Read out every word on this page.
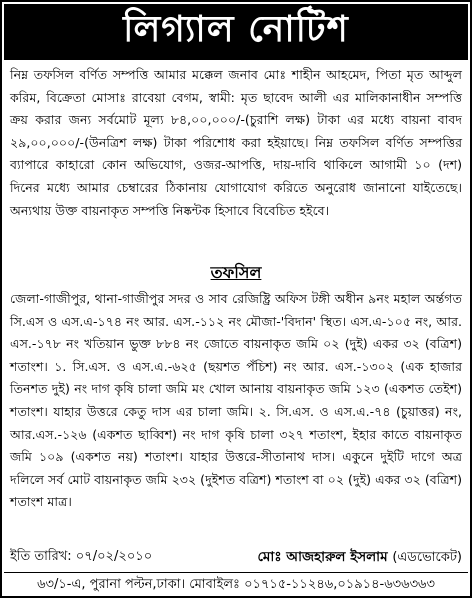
লিগ্যাল নোটিশ
নিম্ন তফসিল বর্ণিত সম্পত্তি আমার মক্কেল জনাব মোঃ শাহীন আহমেদ, পিতা মৃত আব্দুল করিম, বিক্রেতা মোসাঃ রাবেয়া বেগম, স্বামী: মৃত ছাবেদ আলী এর মালিকানাধীন সম্পত্তি ক্রয় করার জন্য সর্বমোট মূল্য ৮৪,০০,০০০/-(চুরাশি লক্ষ) টাকা এর মধ্যে বায়না বাবদ ২৯,০০,০০০/-(উনত্রিশ লক্ষ) টাকা পরিশোধ করা হইয়াছে। নিম্ন তফসিল বর্ণিত সম্পত্তির ব্যাপারে কাহারো কোন অভিযোগ, ওজর-আপত্তি, দায়-দাবি থাকিলে আগামী ১০ (দশ) দিনের মধ্যে আমার চেম্বারের ঠিকানায় যোগাযোগ করিতে অনুরোধ জানানো যাইতেছে। অন্যথায় উক্ত বায়নাকৃত সম্পত্তি নিষ্কন্টক হিসাবে বিবেচিত হইবে।
তফসিল
জেলা-গাজীপুর, থানা-গাজীপুর সদর ও সাব রেজিষ্ট্রি অফিস টঙ্গী অধীন ৯নং মহাল অর্ন্তগত সি.এস ও এস.এ-১৭৪ নং আর. এস.-১১২ নং মৌজা-'বিদান' স্থিত। এস.এ-১০৫ নং, আর. এস.-১৭৮ নং খতিয়ান ভুক্ত ৮৮৪ নং জোতে বায়নাকৃত জমি ০২ (দুই) একর ৩২ (বত্রিশ) শতাংশ। ১. সি.এস. ও এস.এ.-৬২৫ (ছয়শত পঁচিশ) নং আর. এস.-১৩০২ (এক হাজার তিনশত দুই) নং দাগ কৃষি চালা জমি মং খোল আনায় বায়নাকৃত জমি ১২৩ (একশত তেইশ) শতাংশ। যাহার উত্তরে কেতু দাস এর চালা জমি। ২. সি.এস. ও এস.এ.-৭৪ (চুয়াত্তর) নং, আর.এস.-১২৬ (একশত ছাব্বিশ) নং দাগ কৃষি চালা ৩২৭ শতাংশ, ইহার কাতে বায়নাকৃত জমি ১০৯ (একশত নয়) শতাংশ। যাহার উত্তরে-সীতানাথ দাস। একুনে দুইটি দাগে অত্র দলিলে সর্ব মোট বায়নাকৃত জমি ২৩২ (দুইশত বত্রিশ) শতাংশ বা ০২ (দুই) একর ৩২ (বত্রিশ) শতাংশ মাত্র।
ইতি তারিখ: ০৭/০২/২০১০	মোঃ আজহারুল ইসলাম (এডভোকেট)
৬৩/১-এ, পুরানা পল্টন,ঢাকা। মোবাইলঃ ০১৭১৫-১১২৪৬,০১৯১৪-৬৩৬৩৬৩
